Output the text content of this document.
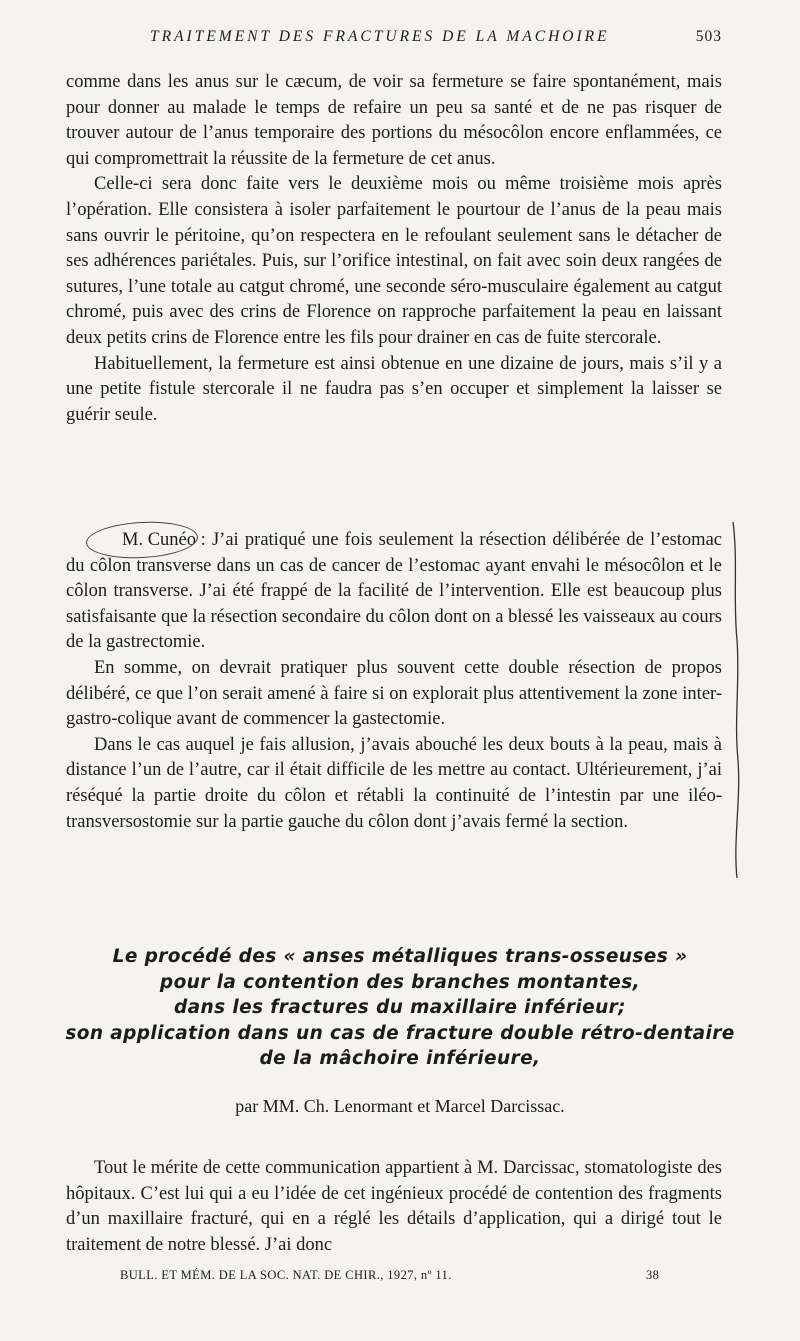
TRAITEMENT DES FRACTURES DE LA MACHOIRE	503

comme dans les anus sur le cæcum, de voir sa fermeture se faire spontanément, mais pour donner au malade le temps de refaire un peu sa santé et de ne pas risquer de trouver autour de l’anus temporaire des portions du mésocôlon encore enflammées, ce qui compromettrait la réussite de la fermeture de cet anus.

Celle-ci sera donc faite vers le deuxième mois ou même troisième mois après l’opération. Elle consistera à isoler parfaitement le pourtour de l’anus de la peau mais sans ouvrir le péritoine, qu’on respectera en le refoulant seulement sans le détacher de ses adhérences pariétales. Puis, sur l’orifice intestinal, on fait avec soin deux rangées de sutures, l’une totale au catgut chromé, une seconde séro-musculaire également au catgut chromé, puis avec des crins de Florence on rapproche parfaitement la peau en laissant deux petits crins de Florence entre les fils pour drainer en cas de fuite stercorale.

Habituellement, la fermeture est ainsi obtenue en une dizaine de jours, mais s’il y a une petite fistule stercorale il ne faudra pas s’en occuper et simplement la laisser se guérir seule.

M. Cunéo : J’ai pratiqué une fois seulement la résection délibérée de l’estomac du côlon transverse dans un cas de cancer de l’estomac ayant envahi le mésocôlon et le côlon transverse. J’ai été frappé de la facilité de l’intervention. Elle est beaucoup plus satisfaisante que la résection secondaire du côlon dont on a blessé les vaisseaux au cours de la gastrectomie.

En somme, on devrait pratiquer plus souvent cette double résection de propos délibéré, ce que l’on serait amené à faire si on explorait plus attentivement la zone inter-gastro-colique avant de commencer la gastectomie.

Dans le cas auquel je fais allusion, j’avais abouché les deux bouts à la peau, mais à distance l’un de l’autre, car il était difficile de les mettre au contact. Ultérieurement, j’ai réséqué la partie droite du côlon et rétabli la continuité de l’intestin par une iléo-transversostomie sur la partie gauche du côlon dont j’avais fermé la section.

Le procédé des « anses métalliques trans-osseuses »
pour la contention des branches montantes,
dans les fractures du maxillaire inférieur;
son application dans un cas de fracture double rétro-dentaire
de la mâchoire inférieure,
par MM. Ch. Lenormant et Marcel Darcissac.

Tout le mérite de cette communication appartient à M. Darcissac, stomatologiste des hôpitaux. C’est lui qui a eu l’idée de cet ingénieux procédé de contention des fragments d’un maxillaire fracturé, qui en a réglé les détails d’application, qui a dirigé tout le traitement de notre blessé. J’ai donc

BULL. ET MÉM. DE LA SOC. NAT. DE CHIR., 1927, nº 11.	38
